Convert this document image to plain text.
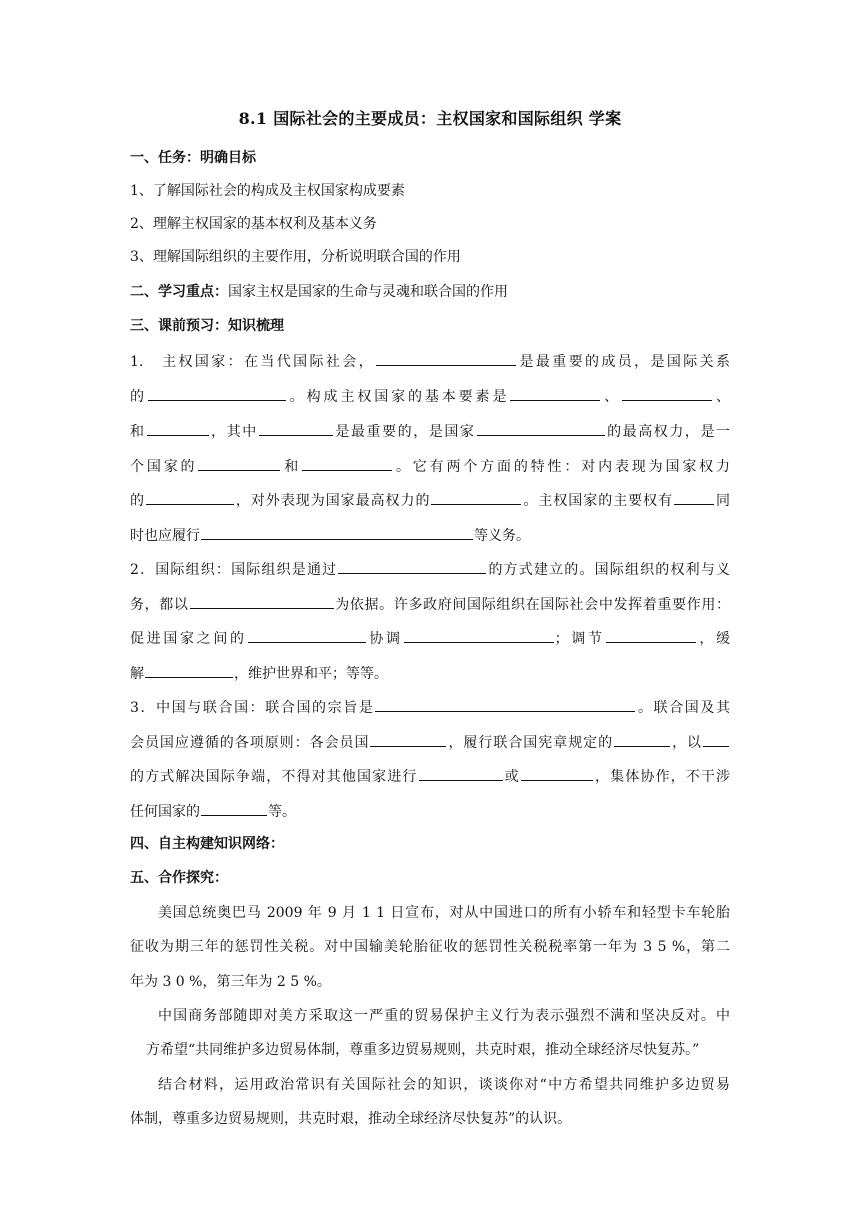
8.1 国际社会的主要成员：主权国家和国际组织 学案
一、任务：明确目标
1、了解国际社会的构成及主权国家构成要素
2、理解主权国家的基本权利及基本义务
3、理解国际组织的主要作用，分析说明联合国的作用
二、学习重点：国家主权是国家的生命与灵魂和联合国的作用
三、课前预习：知识梳理
1.　主权国家：在当代国际社会，	是最重要的成员，是国际关系
的	。构成主权国家的基本要素是	、	、
和	，其中	是最重要的，是国家	的最高权力，是一
个国家的	和	。它有两个方面的特性：对内表现为国家权力
的	，对外表现为国家最高权力的	。主权国家的主要权有	同
时也应履行	等义务。
2．国际组织：国际组织是通过	的方式建立的。国际组织的权利与义
务，都以	为依据。许多政府间国际组织在国际社会中发挥着重要作用：
促进国家之间的	协调	；调节	，缓
解	，维护世界和平；等等。
3．中国与联合国：联合国的宗旨是	。联合国及其
会员国应遵循的各项原则：各会员国	，履行联合国宪章规定的	，以
的方式解决国际争端，不得对其他国家进行	或	，集体协作，不干涉
任何国家的	等。
四、自主构建知识网络：
五、合作探究：
美国总统奥巴马 2009 年 9 月 1 1 日宣布，对从中国进口的所有小轿车和轻型卡车轮胎
征收为期三年的惩罚性关税。对中国输美轮胎征收的惩罚性关税税率第一年为 3 5 %，第二
年为 3 0 %，第三年为 2 5 %。
中国商务部随即对美方采取这一严重的贸易保护主义行为表示强烈不满和坚决反对。中
方希望“共同维护多边贸易体制，尊重多边贸易规则，共克时艰，推动全球经济尽快复苏。”
结合材料，运用政治常识有关国际社会的知识，谈谈你对“中方希望共同维护多边贸易
体制，尊重多边贸易规则，共克时艰，推动全球经济尽快复苏”的认识。
